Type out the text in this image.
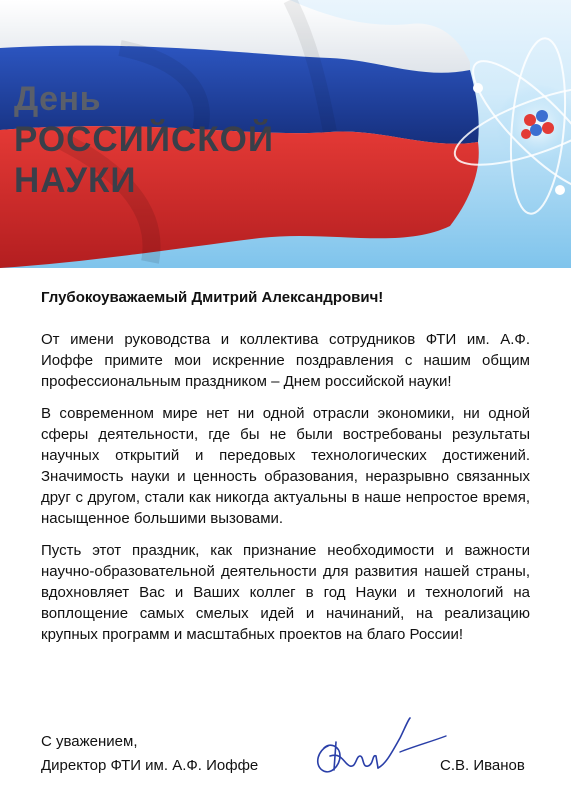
День
РОССИЙСКОЙ
НАУКИ

Глубокоуважаемый Дмитрий Александрович!

От имени руководства и коллектива сотрудников ФТИ им. А.Ф. Иоффе примите мои искренние поздравления с нашим общим профессиональным праздником – Днем российской науки!

В современном мире нет ни одной отрасли экономики, ни одной сферы деятельности, где бы не были востребованы результаты научных открытий и передовых технологических достижений. Значимость науки и ценность образования, неразрывно связанных друг с другом, стали как никогда актуальны в наше непростое время, насыщенное большими вызовами.

Пусть этот праздник, как признание необходимости и важности научно-образовательной деятельности для развития нашей страны, вдохновляет Вас и Ваших коллег в год Науки и технологий на воплощение самых смелых идей и начинаний, на реализацию крупных программ и масштабных проектов на благо России!

С уважением,
Директор ФТИ им. А.Ф. Иоффе	С.В. Иванов
